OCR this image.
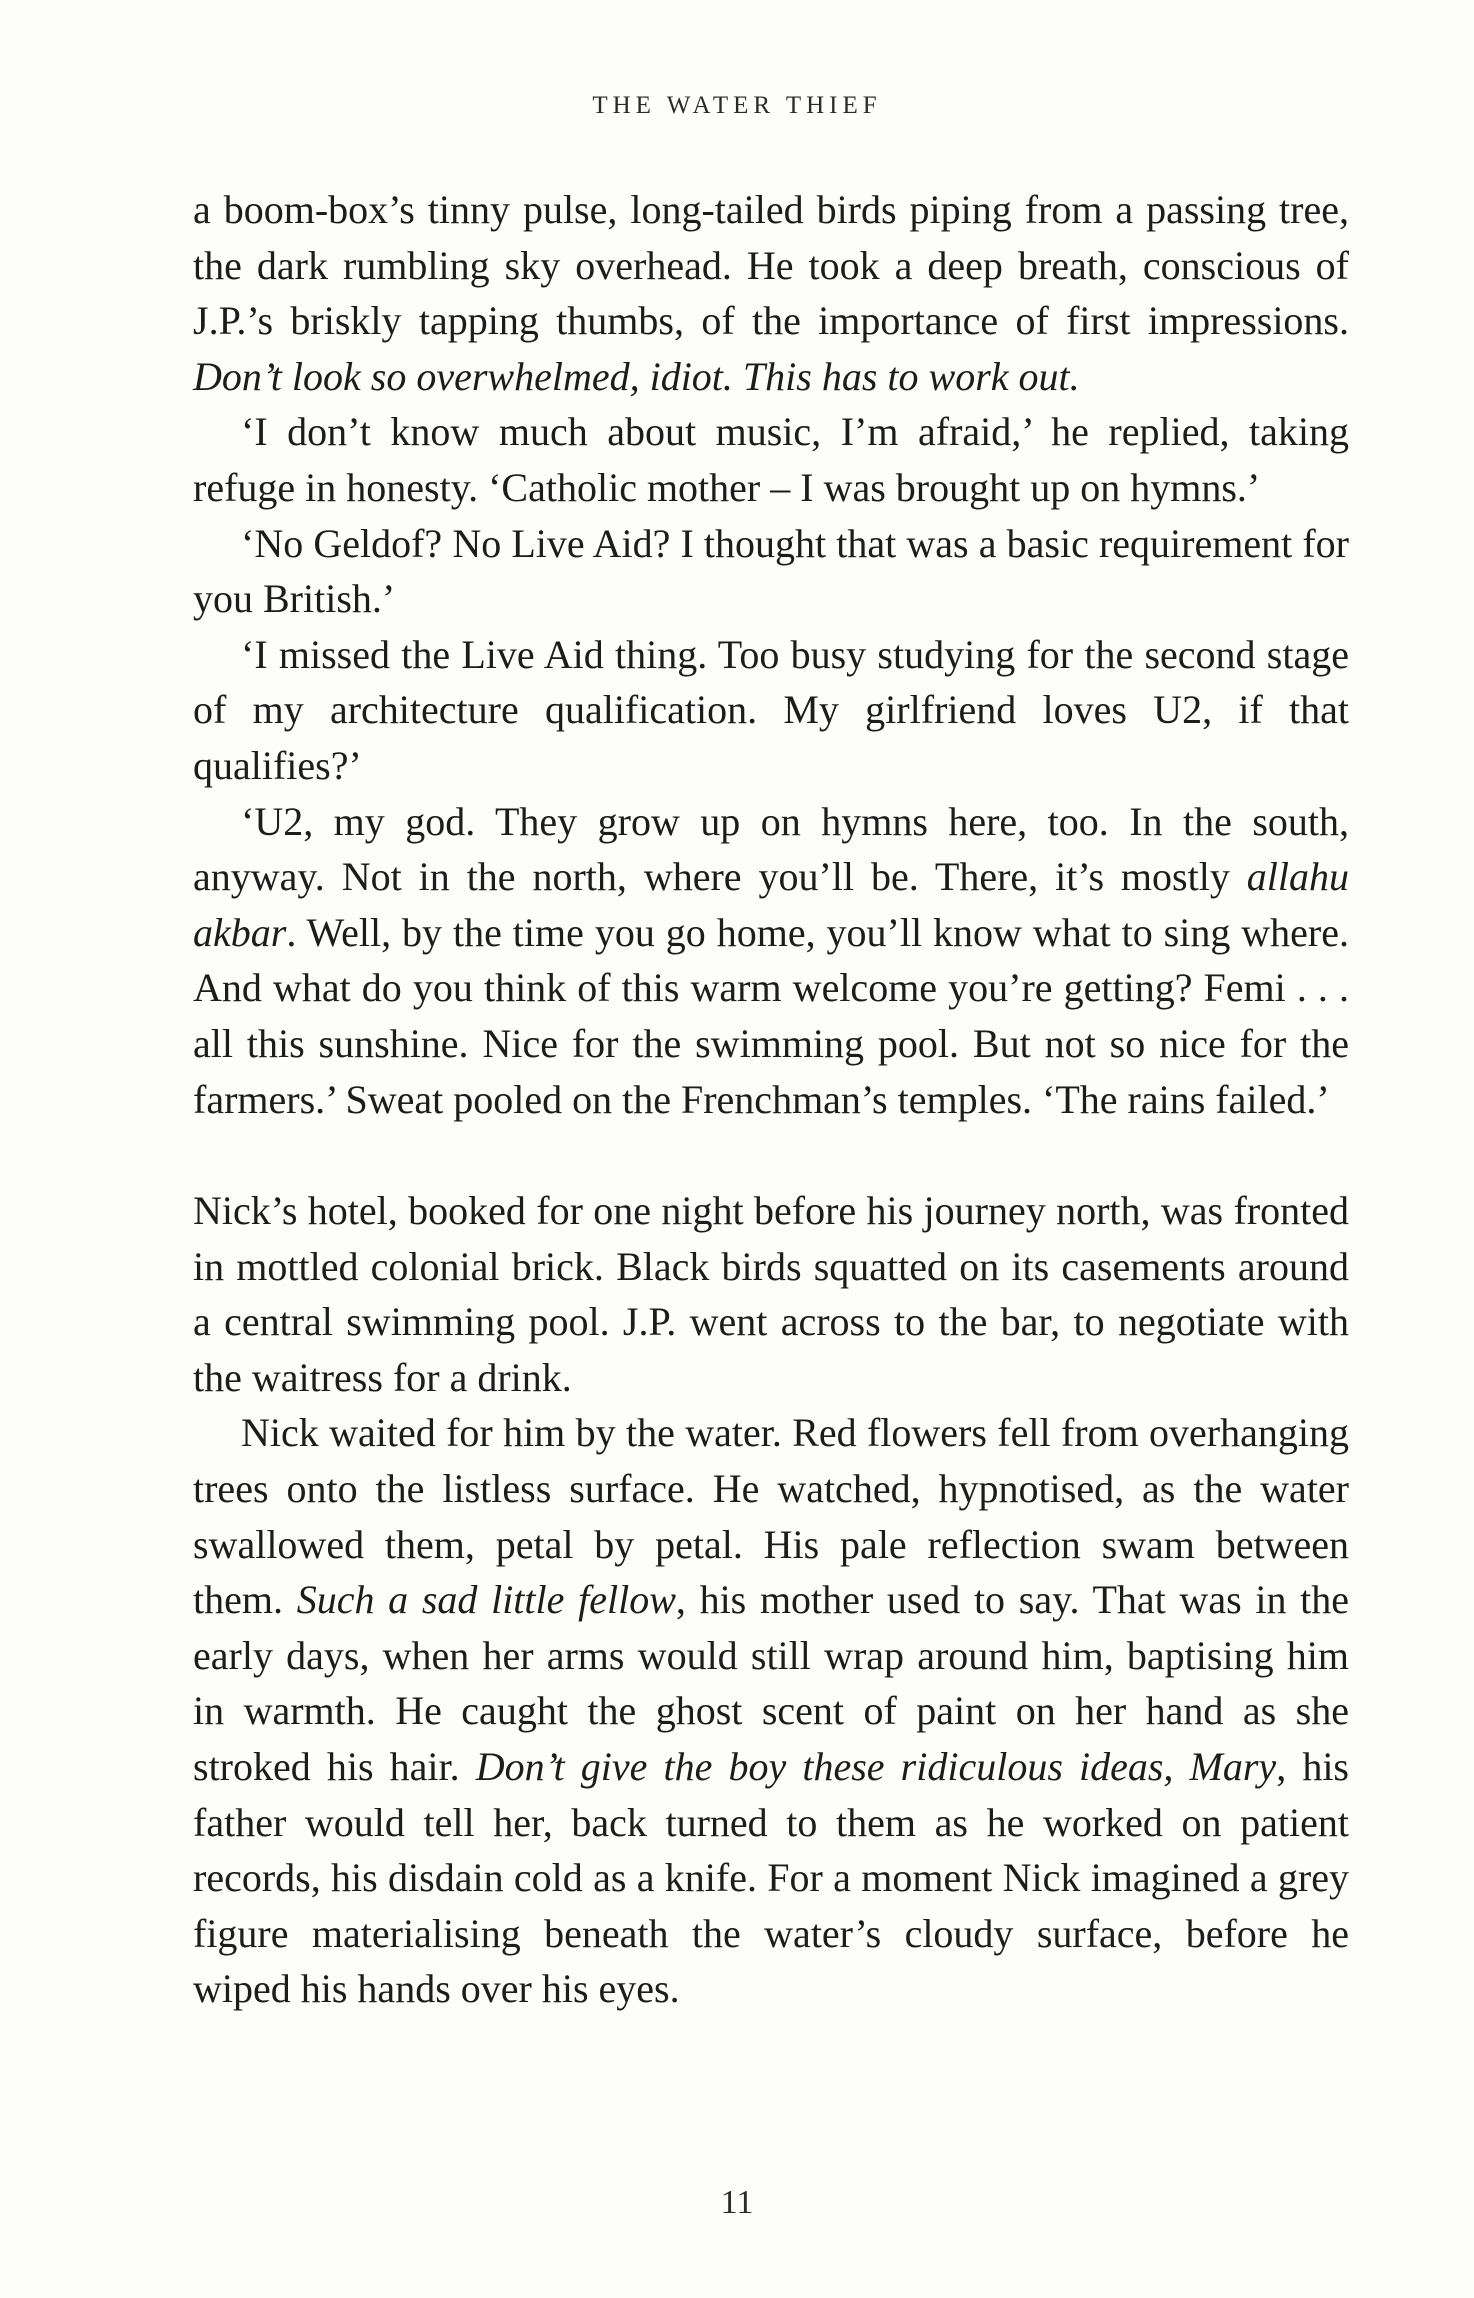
THE WATER THIEF

a boom-box’s tinny pulse, long-tailed birds piping from a passing tree, the dark rumbling sky overhead. He took a deep breath, conscious of J.P.’s briskly tapping thumbs, of the importance of first impressions. Don’t look so overwhelmed, idiot. This has to work out.

‘I don’t know much about music, I’m afraid,’ he replied, taking refuge in honesty. ‘Catholic mother – I was brought up on hymns.’

‘No Geldof? No Live Aid? I thought that was a basic requirement for you British.’

‘I missed the Live Aid thing. Too busy studying for the second stage of my architecture qualification. My girlfriend loves U2, if that qualifies?’

‘U2, my god. They grow up on hymns here, too. In the south, anyway. Not in the north, where you’ll be. There, it’s mostly allahu akbar. Well, by the time you go home, you’ll know what to sing where. And what do you think of this warm welcome you’re getting? Femi . . . all this sunshine. Nice for the swimming pool. But not so nice for the farmers.’ Sweat pooled on the Frenchman’s temples. ‘The rains failed.’

Nick’s hotel, booked for one night before his journey north, was fronted in mottled colonial brick. Black birds squatted on its casements around a central swimming pool. J.P. went across to the bar, to negotiate with the waitress for a drink.

Nick waited for him by the water. Red flowers fell from overhanging trees onto the listless surface. He watched, hypnotised, as the water swallowed them, petal by petal. His pale reflection swam between them. Such a sad little fellow, his mother used to say. That was in the early days, when her arms would still wrap around him, baptising him in warmth. He caught the ghost scent of paint on her hand as she stroked his hair. Don’t give the boy these ridiculous ideas, Mary, his father would tell her, back turned to them as he worked on patient records, his disdain cold as a knife. For a moment Nick imagined a grey figure materialising beneath the water’s cloudy surface, before he wiped his hands over his eyes.

11
